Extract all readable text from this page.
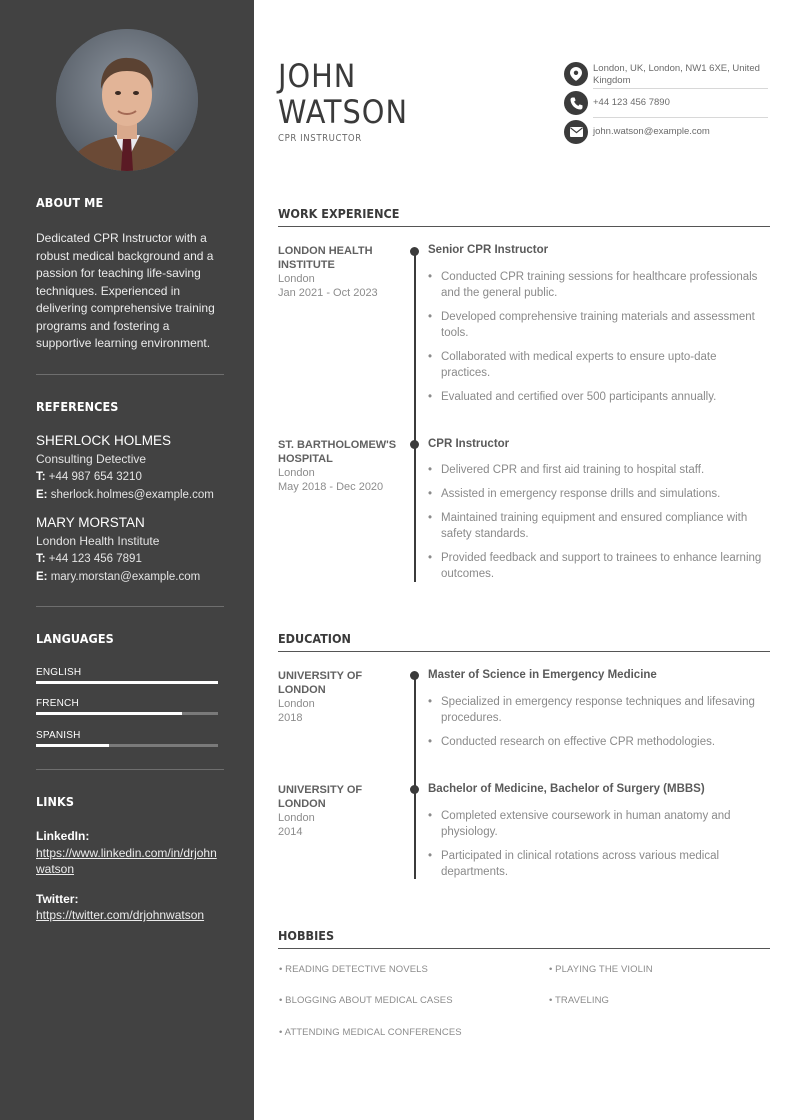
ABOUT ME

Dedicated CPR Instructor with a robust medical background and a passion for teaching life-saving techniques. Experienced in delivering comprehensive training programs and fostering a supportive learning environment.

REFERENCES
SHERLOCK HOLMES
Consulting Detective
T: +44 987 654 3210
E: sherlock.holmes@example.com
MARY MORSTAN
London Health Institute
T: +44 123 456 7891
E: mary.morstan@example.com
LANGUAGES
ENGLISH
FRENCH
SPANISH
LINKS
LinkedIn:
https://www.linkedin.com/in/drjohnwatson
Twitter:
https://twitter.com/drjohnwatson
JOHN
WATSON
CPR INSTRUCTOR
London, UK, London, NW1 6XE, United Kingdom
+44 123 456 7890
john.watson@example.com
WORK EXPERIENCE
LONDON HEALTH INSTITUTE
London
Jan 2021 - Oct 2023
Senior CPR Instructor
• Conducted CPR training sessions for healthcare professionals and the general public.
• Developed comprehensive training materials and assessment tools.
• Collaborated with medical experts to ensure upto-date practices.
• Evaluated and certified over 500 participants annually.
ST. BARTHOLOMEW'S HOSPITAL
London
May 2018 - Dec 2020
CPR Instructor
• Delivered CPR and first aid training to hospital staff.
• Assisted in emergency response drills and simulations.
• Maintained training equipment and ensured compliance with safety standards.
• Provided feedback and support to trainees to enhance learning outcomes.
EDUCATION
UNIVERSITY OF LONDON
London
2018
Master of Science in Emergency Medicine
• Specialized in emergency response techniques and lifesaving procedures.
• Conducted research on effective CPR methodologies.
UNIVERSITY OF LONDON
London
2014
Bachelor of Medicine, Bachelor of Surgery (MBBS)
• Completed extensive coursework in human anatomy and physiology.
• Participated in clinical rotations across various medical departments.
HOBBIES
• READING DETECTIVE NOVELS	• PLAYING THE VIOLIN
• BLOGGING ABOUT MEDICAL CASES	• TRAVELING
• ATTENDING MEDICAL CONFERENCES
